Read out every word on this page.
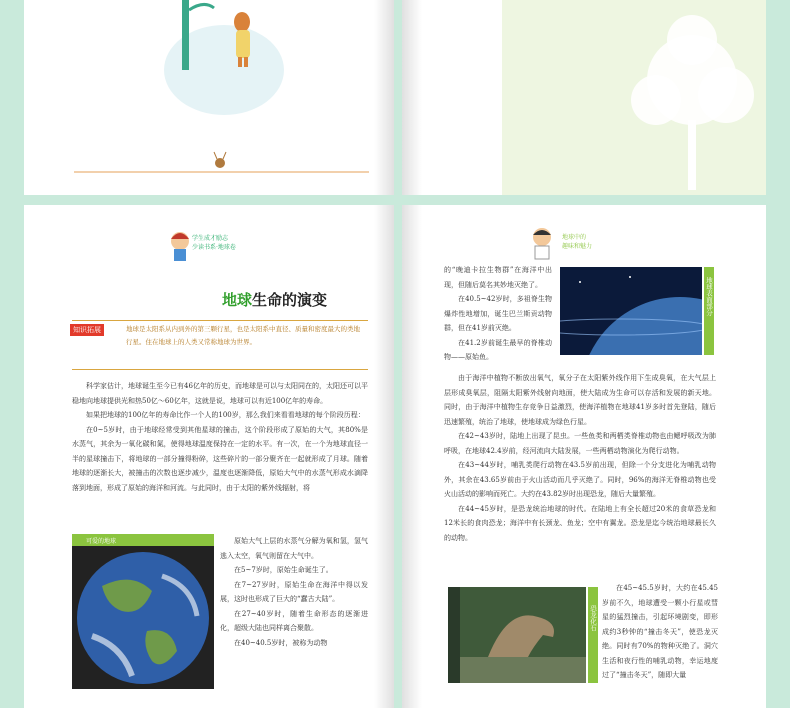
学生成才励志
少读书系·地球卷
地球生命的演变
知识拓展	地球是太阳系从内到外的第三颗行星，也是太阳系中直径、质量和密度最大的类地行星。住在地球上的人类又常称地球为世界。

科学家估计，地球诞生至今已有46亿年的历史，而地球是可以与太阳同在的，太阳还可以平稳地向地球提供光和热50亿～60亿年，这就是说，地球可以有近100亿年的寿命。

如果把地球的100亿年的寿命比作一个人的100岁，那么我们来看看地球的每个阶段历程：

在0~5岁时，由于地球经常受到其他星球的撞击，这个阶段形成了原始的大气，其80%是水蒸气，其余为一氧化碳和氮，使得地球温度保持在一定的水平。有一次，在一个为地球直径一半的星球撞击下，将地球的一部分撞得粉碎，这些碎片的一部分聚齐在一起就形成了月球。随着地球的逐渐长大，被撞击的次数也逐步减少，温度也逐渐降低，原始大气中的水蒸气形成水滴降落到地面，形成了原始的海洋和河流。与此同时，由于太阳的紫外线辐射，将

可爱的地球	原始大气上层的水蒸气分解为氧和氢，氢气逃入太空，氧气则留在大气中。

在5~7岁时，原始生命诞生了。

在7~27岁时，原始生命在海洋中得以发展，这时也形成了巨大的“蠢古大陆”。

在27~40岁时，随着生命形态的逐渐进化，超级大陆也同样离合聚散。

在40~40.5岁时，被称为动物

地球中的
趣味和魅力

的“晚迪卡拉生物群”在海洋中出现，但随后莫名其妙地灭绝了。

在40.5~42岁时，多祖脊生物爆炸性地增加，诞生巴兰斯贡动物群，但在41岁前灭绝。

在41.2岁前诞生最早的脊椎动物——原始鱼。

地球表面部分

由于海洋中植物不断放出氧气，氧分子在太阳紫外线作用下生成臭氧，在大气层上层形成臭氧层，阻隔太阳紫外线射向地面，使大陆成为生命可以存活和发展的新天地。同时，由于海洋中植物生存竞争日益激烈，使海洋植物在地球41岁多时首先登陆，随后迅速繁殖，统治了地球，使地球成为绿色行星。

在42~43岁时，陆地上出现了昆虫。一些鱼类和两栖类脊椎动物也由鳃呼吸改为肺呼吸，在地球42.4岁前，经河流向大陆发展，一些两栖动物演化为爬行动物。

在43~44岁时，哺乳类爬行动物在43.5岁前出现，但除一个分支进化为哺乳动物外，其余在43.65岁前由于火山活动而几乎灭绝了。同时，96%的海洋无脊椎动物也受火山活动的影响而死亡。大约在43.82岁时出现恐龙，随后大量繁殖。

在44~45岁时，是恐龙统治地球的时代。在陆地上有全长超过20米的食草恐龙和12米长的食肉恐龙；海洋中有长颈龙、鱼龙；空中有翼龙。恐龙是迄今统治地球最长久的动物。

恐龙化石

在45~45.5岁时，大约在45.45岁前不久，地球遭受一颗小行星或彗星的猛烈撞击，引起环境剧变，即形成约3秒钟的“撞击冬天”，使恐龙灭绝。同时有70%的物种灭绝了。洞穴生活和夜行性的哺乳动物，幸运地度过了“撞击冬天”，随即大量
